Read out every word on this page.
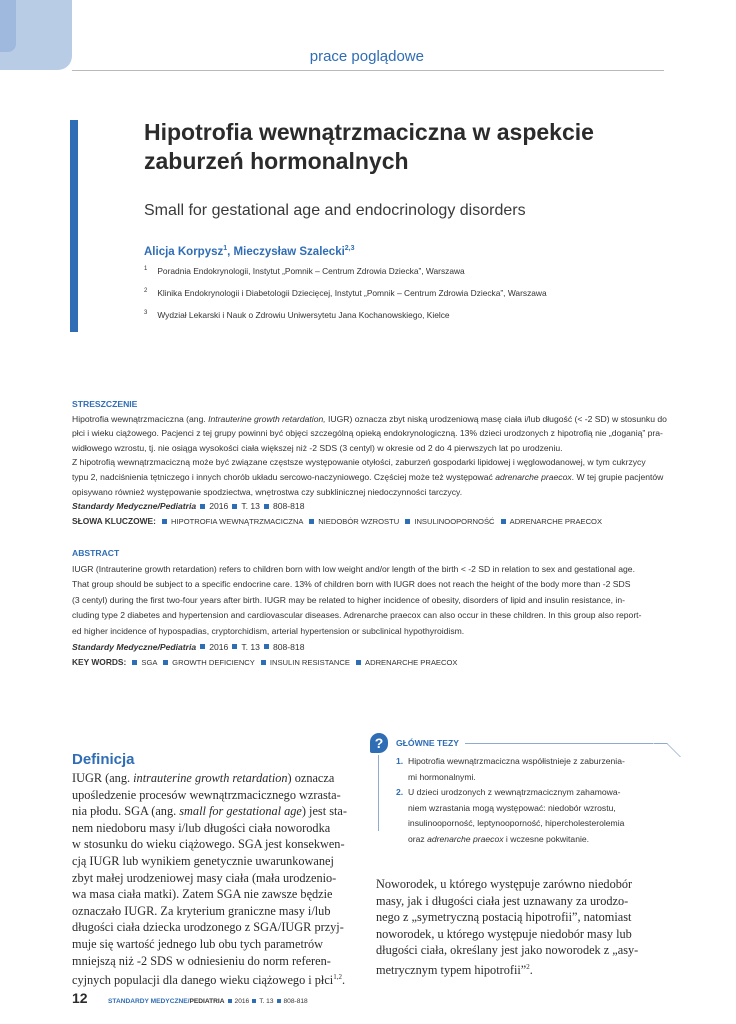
prace poglądowe
Hipotrofia wewnątrzmaciczna w aspekcie
zaburzeń hormonalnych
Small for gestational age and endocrinology disorders
Alicja Korpysz$^1$, Mieczysław Szalecki$^{2,3}$
$^1$ Poradnia Endokrynologii, Instytut „Pomnik – Centrum Zdrowia Dziecka”, Warszawa
$^2$ Klinika Endokrynologii i Diabetologii Dziecięcej, Instytut „Pomnik – Centrum Zdrowia Dziecka”, Warszawa
$^3$ Wydział Lekarski i Nauk o Zdrowiu Uniwersytetu Jana Kochanowskiego, Kielce
STRESZCZENIE
Hipotrofia wewnątrzmaciczna (ang. Intrauterine growth retardation, IUGR) oznacza zbyt niską urodzeniową masę ciała i/lub długość (< -2 SD) w stosunku do
płci i wieku ciążowego. Pacjenci z tej grupy powinni być objęci szczególną opieką endokrynologiczną. 13% dzieci urodzonych z hipotrofią nie „doganią” pra-
widłowego wzrostu, tj. nie osiąga wysokości ciała większej niż -2 SDS (3 centyl) w okresie od 2 do 4 pierwszych lat po urodzeniu.
Z hipotrofią wewnątrzmaciczną może być związane częstsze występowanie otyłości, zaburzeń gospodarki lipidowej i węglowodanowej, w tym cukrzycy
typu 2, nadciśnienia tętniczego i innych chorób układu sercowo-naczyniowego. Częściej może też występować adrenarche praecox. W tej grupie pacjentów
opisywano również występowanie spodziectwa, wnętrostwa czy subklinicznej niedoczynności tarczycy.
Standardy Medyczne/Pediatria 2016 T. 13 808-818
SŁOWA KLUCZOWE: HIPOTROFIA WEWNĄTRZMACICZNA NIEDOBÓR WZROSTU INSULINOOPORNOŚĆ ADRENARCHE PRAECOX
ABSTRACT
IUGR (Intrauterine growth retardation) refers to children born with low weight and/or length of the birth < -2 SD in relation to sex and gestational age.
That group should be subject to a specific endocrine care. 13% of children born with IUGR does not reach the height of the body more than -2 SDS
(3 centyl) during the first two-four years after birth. IUGR may be related to higher incidence of obesity, disorders of lipid and insulin resistance, in-
cluding type 2 diabetes and hypertension and cardiovascular diseases. Adrenarche praecox can also occur in these children. In this group also report-
ed higher incidence of hypospadias, cryptorchidism, arterial hypertension or subclinical hypothyroidism.
Standardy Medyczne/Pediatria 2016 T. 13 808-818
KEY WORDS: SGA GROWTH DEFICIENCY INSULIN RESISTANCE ADRENARCHE PRAECOX
Definicja
IUGR (ang. intrauterine growth retardation) oznacza
upośledzenie procesów wewnątrzmacicznego wzrasta-
nia płodu. SGA (ang. small for gestational age) jest sta-
nem niedoboru masy i/lub długości ciała noworodka
w stosunku do wieku ciążowego. SGA jest konsekwen-
cją IUGR lub wynikiem genetycznie uwarunkowanej
zbyt małej urodzeniowej masy ciała (mała urodzenio-
wa masa ciała matki). Zatem SGA nie zawsze będzie
oznaczało IUGR. Za kryterium graniczne masy i/lub
długości ciała dziecka urodzonego z SGA/IUGR przyj-
muje się wartość jednego lub obu tych parametrów
mniejszą niż -2 SDS w odniesieniu do norm referen-
cyjnych populacji dla danego wieku ciążowego i płci$^{1,2}$.
?	GŁÓWNE TEZY
1. Hipotrofia wewnątrzmaciczna współistnieje z zaburzenia-
mi hormonalnymi.
2. U dzieci urodzonych z wewnątrzmacicznym zahamowa-
niem wzrastania mogą występować: niedobór wzrostu,
insulinooporność, leptynooporność, hipercholesterolemia
oraz adrenarche praecox i wczesne pokwitanie.
Noworodek, u którego występuje zarówno niedobór
masy, jak i długości ciała jest uznawany za urodzo-
nego z „symetryczną postacią hipotrofii”, natomiast
noworodek, u którego występuje niedobór masy lub
długości ciała, określany jest jako noworodek z „asy-
metrycznym typem hipotrofii”$^2$.
12	STANDARDY MEDYCZNE/PEDIATRIA 2016 T. 13 808-818
